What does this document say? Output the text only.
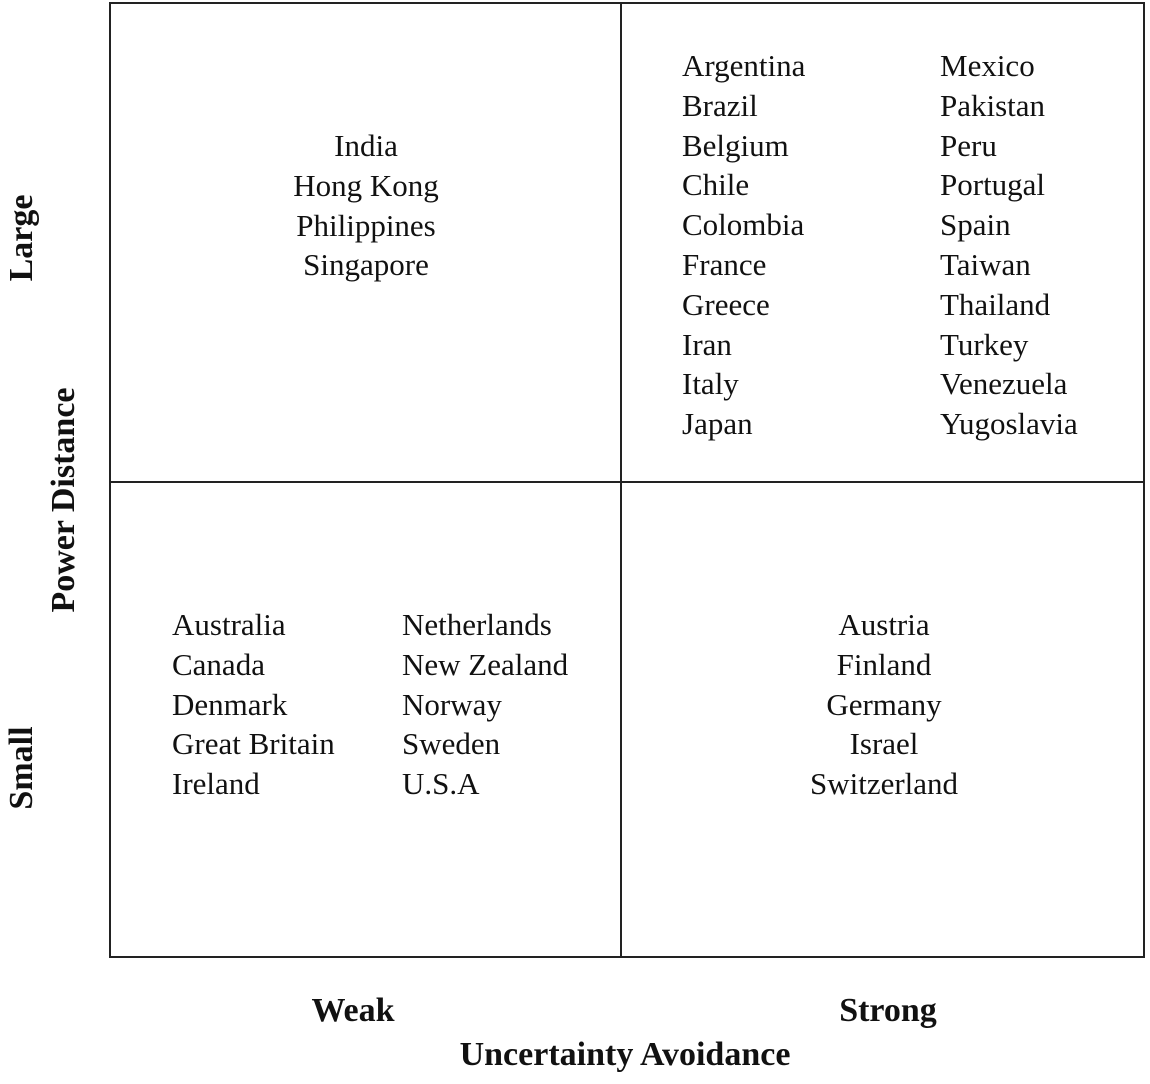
India
Hong Kong
Philippines
Singapore
Argentina
Brazil
Belgium
Chile
Colombia
France
Greece
Iran
Italy
Japan
Mexico
Pakistan
Peru
Portugal
Spain
Taiwan
Thailand
Turkey
Venezuela
Yugoslavia
Australia
Canada
Denmark
Great Britain
Ireland
Netherlands
New Zealand
Norway
Sweden
U.S.A
Austria
Finland
Germany
Israel
Switzerland
Weak	Strong
Uncertainty Avoidance
Large
Small
Power Distance
